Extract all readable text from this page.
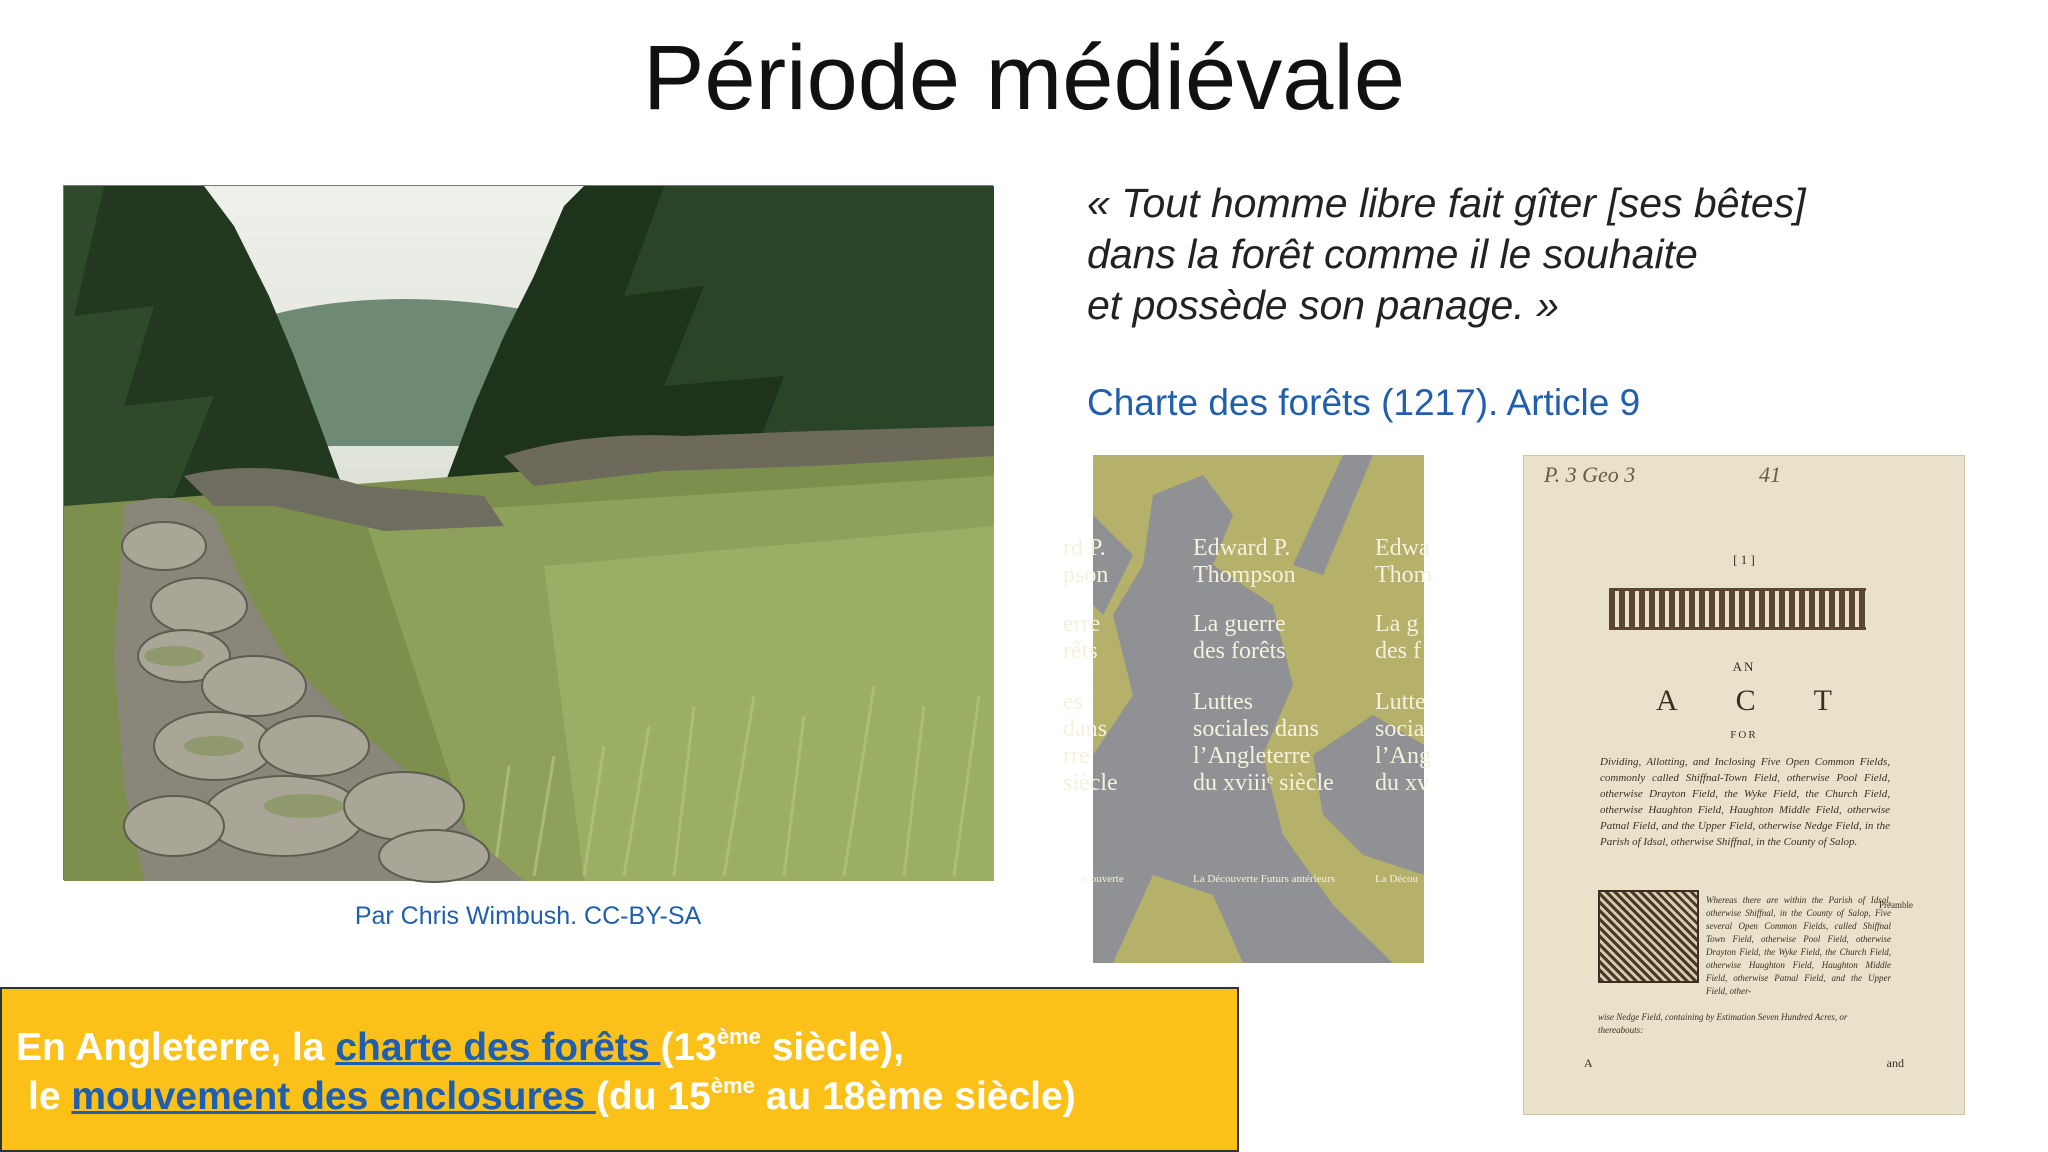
Période médiévale
Par Chris Wimbush. CC-BY-SA
« Tout homme libre fait gîter [ses bêtes]
dans la forêt comme il le souhaite
et possède son panage. »
Charte des forêts (1217). Article 9
rd P.
pson
erre
rêts
es
dans
rre
siècle
Edward P.
Thompson
La guerre
des forêts
Luttes
sociales dans
l’Angleterre
du xviiiᵉ siècle
Edwa
Thom
La g
des f
Lutte
socia
l’Ang
du xv
écouverte	La Découverte Futurs antérieurs	La Décou
P. 3 Geo 3	41
[ 1 ]
AN
ACT
FOR
Dividing, Allotting, and Inclosing Five Open Common Fields, commonly called Shiffnal-Town Field, otherwise Pool Field, otherwise Drayton Field, the Wyke Field, the Church Field, otherwise Haughton Field, Haughton Middle Field, otherwise Patnal Field, and the Upper Field, otherwise Nedge Field, in the Parish of Idsal, otherwise Shiffnal, in the County of Salop.
Preamble
Whereas there are within the Parish of Idsal, otherwise Shiffnal, in the County of Salop, Five several Open Common Fields, called Shiffnal Town Field, otherwise Pool Field, otherwise Drayton Field, the Wyke Field, the Church Field, otherwise Haughton Field, Haughton Middle Field, otherwise Patnal Field, and the Upper Field, other-
wise Nedge Field, containing by Estimation Seven Hundred Acres, or thereabouts:
A	and
En Angleterre, la charte des forêts (13ème siècle),
le mouvement des enclosures (du 15ème au 18ème siècle)
